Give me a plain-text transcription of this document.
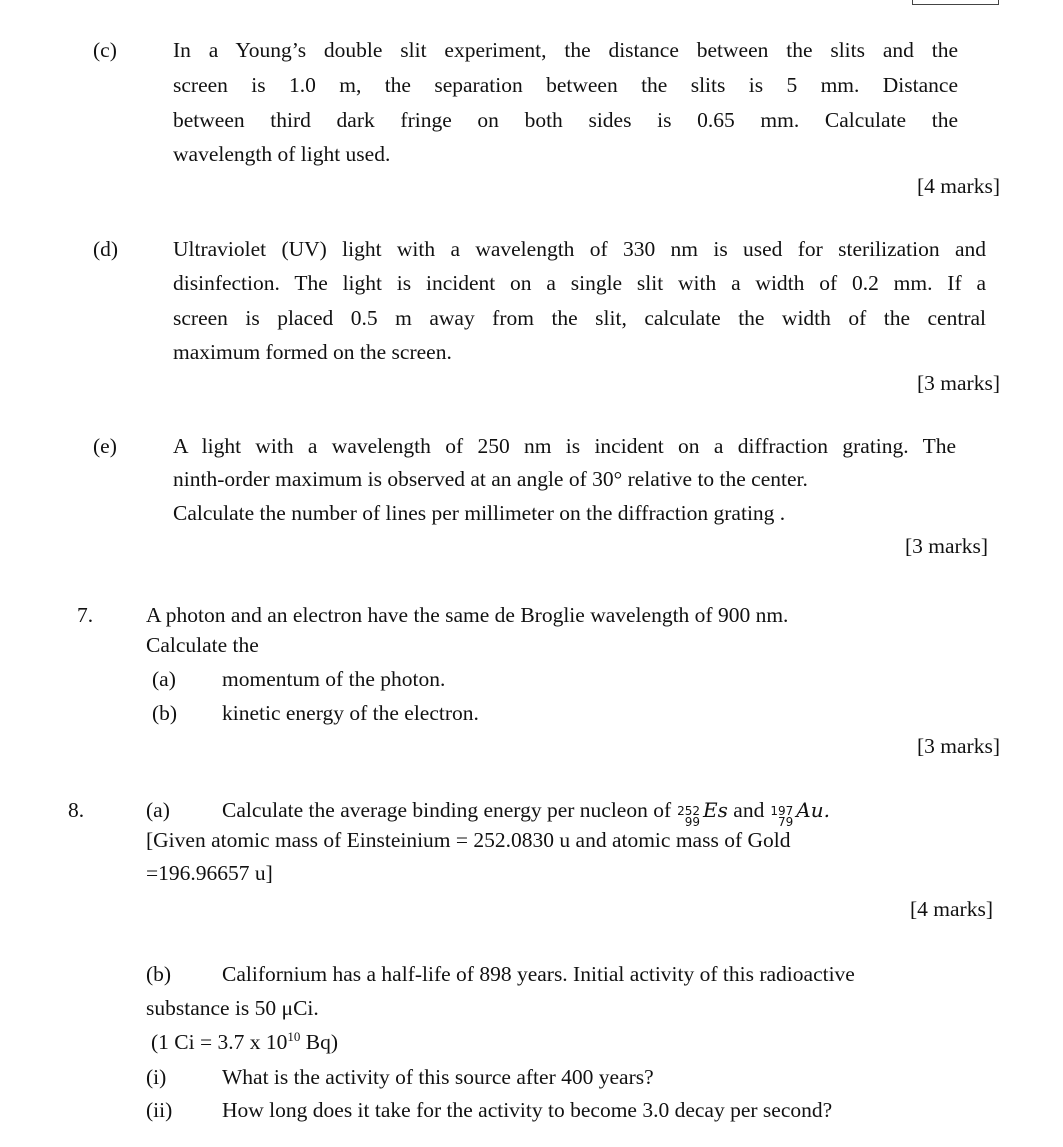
(c)	In a Young’s double slit experiment, the distance between the slits and the
screen is 1.0 m, the separation between the slits is 5 mm. Distance
between third dark fringe on both sides is 0.65 mm. Calculate the
wavelength of light used.
[4 marks]
(d)	Ultraviolet (UV) light with a wavelength of 330 nm is used for sterilization and
disinfection. The light is incident on a single slit with a width of 0.2 mm. If a
screen is placed 0.5 m away from the slit, calculate the width of the central
maximum formed on the screen.
[3 marks]
(e)	A light with a wavelength of 250 nm is incident on a diffraction grating. The
ninth-order maximum is observed at an angle of 30° relative to the center.
Calculate the number of lines per millimeter on the diffraction grating .
[3 marks]
7. A photon and an electron have the same de Broglie wavelength of 900 nm.
Calculate the
(a) momentum of the photon.
(b) kinetic energy of the electron.
[3 marks]
8.	(a) Calculate the average binding energy per nucleon of 252
99 Es and 197
79 Au.
[Given atomic mass of Einsteinium = 252.0830 u and atomic mass of Gold
=196.96657 u]
[4 marks]
(b) Californium has a half-life of 898 years. Initial activity of this radioactive
substance is 50 μCi.
(1 Ci = 3.7 x $10^{10}$ Bq)
(i)	What is the activity of this source after 400 years?
(ii) How long does it take for the activity to become 3.0 decay per second?
